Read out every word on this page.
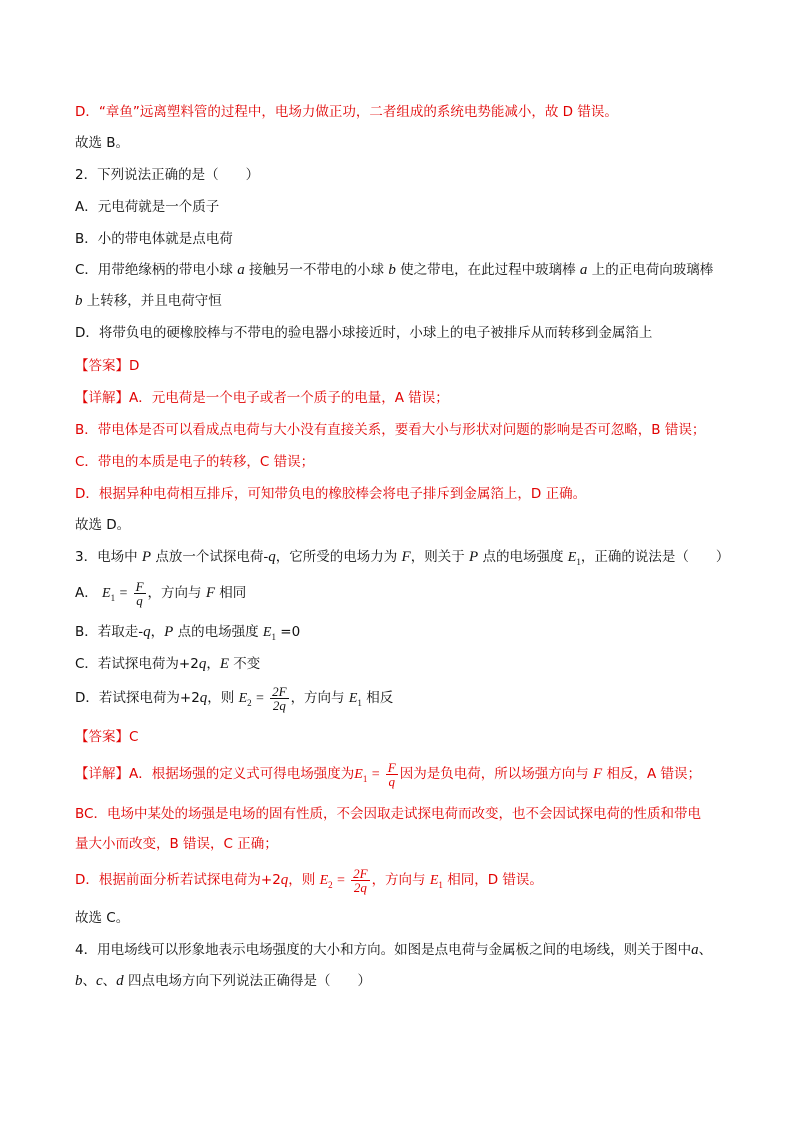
D．“章鱼”远离塑料管的过程中，电场力做正功，二者组成的系统电势能减小，故 D 错误。
故选 B。
2．下列说法正确的是（　　）
A．元电荷就是一个质子
B．小的带电体就是点电荷
C．用带绝缘柄的带电小球 a 接触另一不带电的小球 b 使之带电，在此过程中玻璃棒 a 上的正电荷向玻璃棒
b 上转移，并且电荷守恒
D．将带负电的硬橡胶棒与不带电的验电器小球接近时，小球上的电子被排斥从而转移到金属箔上
【答案】D
【详解】A．元电荷是一个电子或者一个质子的电量，A 错误；
B．带电体是否可以看成点电荷与大小没有直接关系，要看大小与形状对问题的影响是否可忽略，B 错误；
C．带电的本质是电子的转移，C 错误；
D．根据异种电荷相互排斥，可知带负电的橡胶棒会将电子排斥到金属箔上，D 正确。
故选 D。
3．电场中 P 点放一个试探电荷-q，它所受的电场力为 F，则关于 P 点的电场强度 $E_1$，正确的说法是（　　）
A． $E_1 = \frac{F}{q}$ ，方向与 F 相同
B．若取走-q，P 点的电场强度 $E_1 =0$
C．若试探电荷为+2q，E 不变
D．若试探电荷为+2q，则 $E_2 = \frac{2F}{2q}$ ，方向与 $E_1$ 相反
【答案】C
【详解】A．根据场强的定义式可得电场强度为$E_1 = \frac{F}{q}$ 因为是负电荷，所以场强方向与 F 相反，A 错误；
BC．电场中某处的场强是电场的固有性质，不会因取走试探电荷而改变，也不会因试探电荷的性质和带电
量大小而改变，B 错误，C 正确；
D．根据前面分析若试探电荷为+2q，则 $E_2 = \frac{2F}{2q}$ ，方向与 $E_1$ 相同，D 错误。
故选 C。
4．用电场线可以形象地表示电场强度的大小和方向。如图是点电荷与金属板之间的电场线，则关于图中a、
b、c、d 四点电场方向下列说法正确得是（　　）
